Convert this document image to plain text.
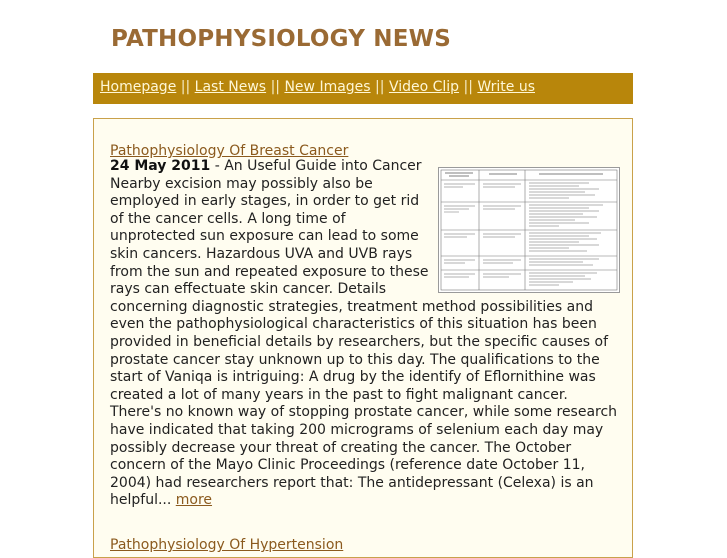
PATHOPHYSIOLOGY NEWS
Homepage || Last News || New Images || Video Clip || Write us
Pathophysiology Of Breast Cancer
24 May 2011 - An Useful Guide into Cancer Nearby excision may possibly also be employed in early stages, in order to get rid of the cancer cells. A long time of unprotected sun exposure can lead to some skin cancers. Hazardous UVA and UVB rays from the sun and repeated exposure to these rays can effectuate skin cancer. Details concerning diagnostic strategies, treatment method possibilities and even the pathophysiological characteristics of this situation has been provided in beneficial details by researchers, but the specific causes of prostate cancer stay unknown up to this day. The qualifications to the start of Vaniqa is intriguing: A drug by the identify of Eflornithine was created a lot of many years in the past to fight malignant cancer. There's no known way of stopping prostate cancer, while some research have indicated that taking 200 micrograms of selenium each day may possibly decrease your threat of creating the cancer. The October concern of the Mayo Clinic Proceedings (reference date October 11, 2004) had researchers report that: The antidepressant (Celexa) is an helpful... more
Pathophysiology Of Hypertension
